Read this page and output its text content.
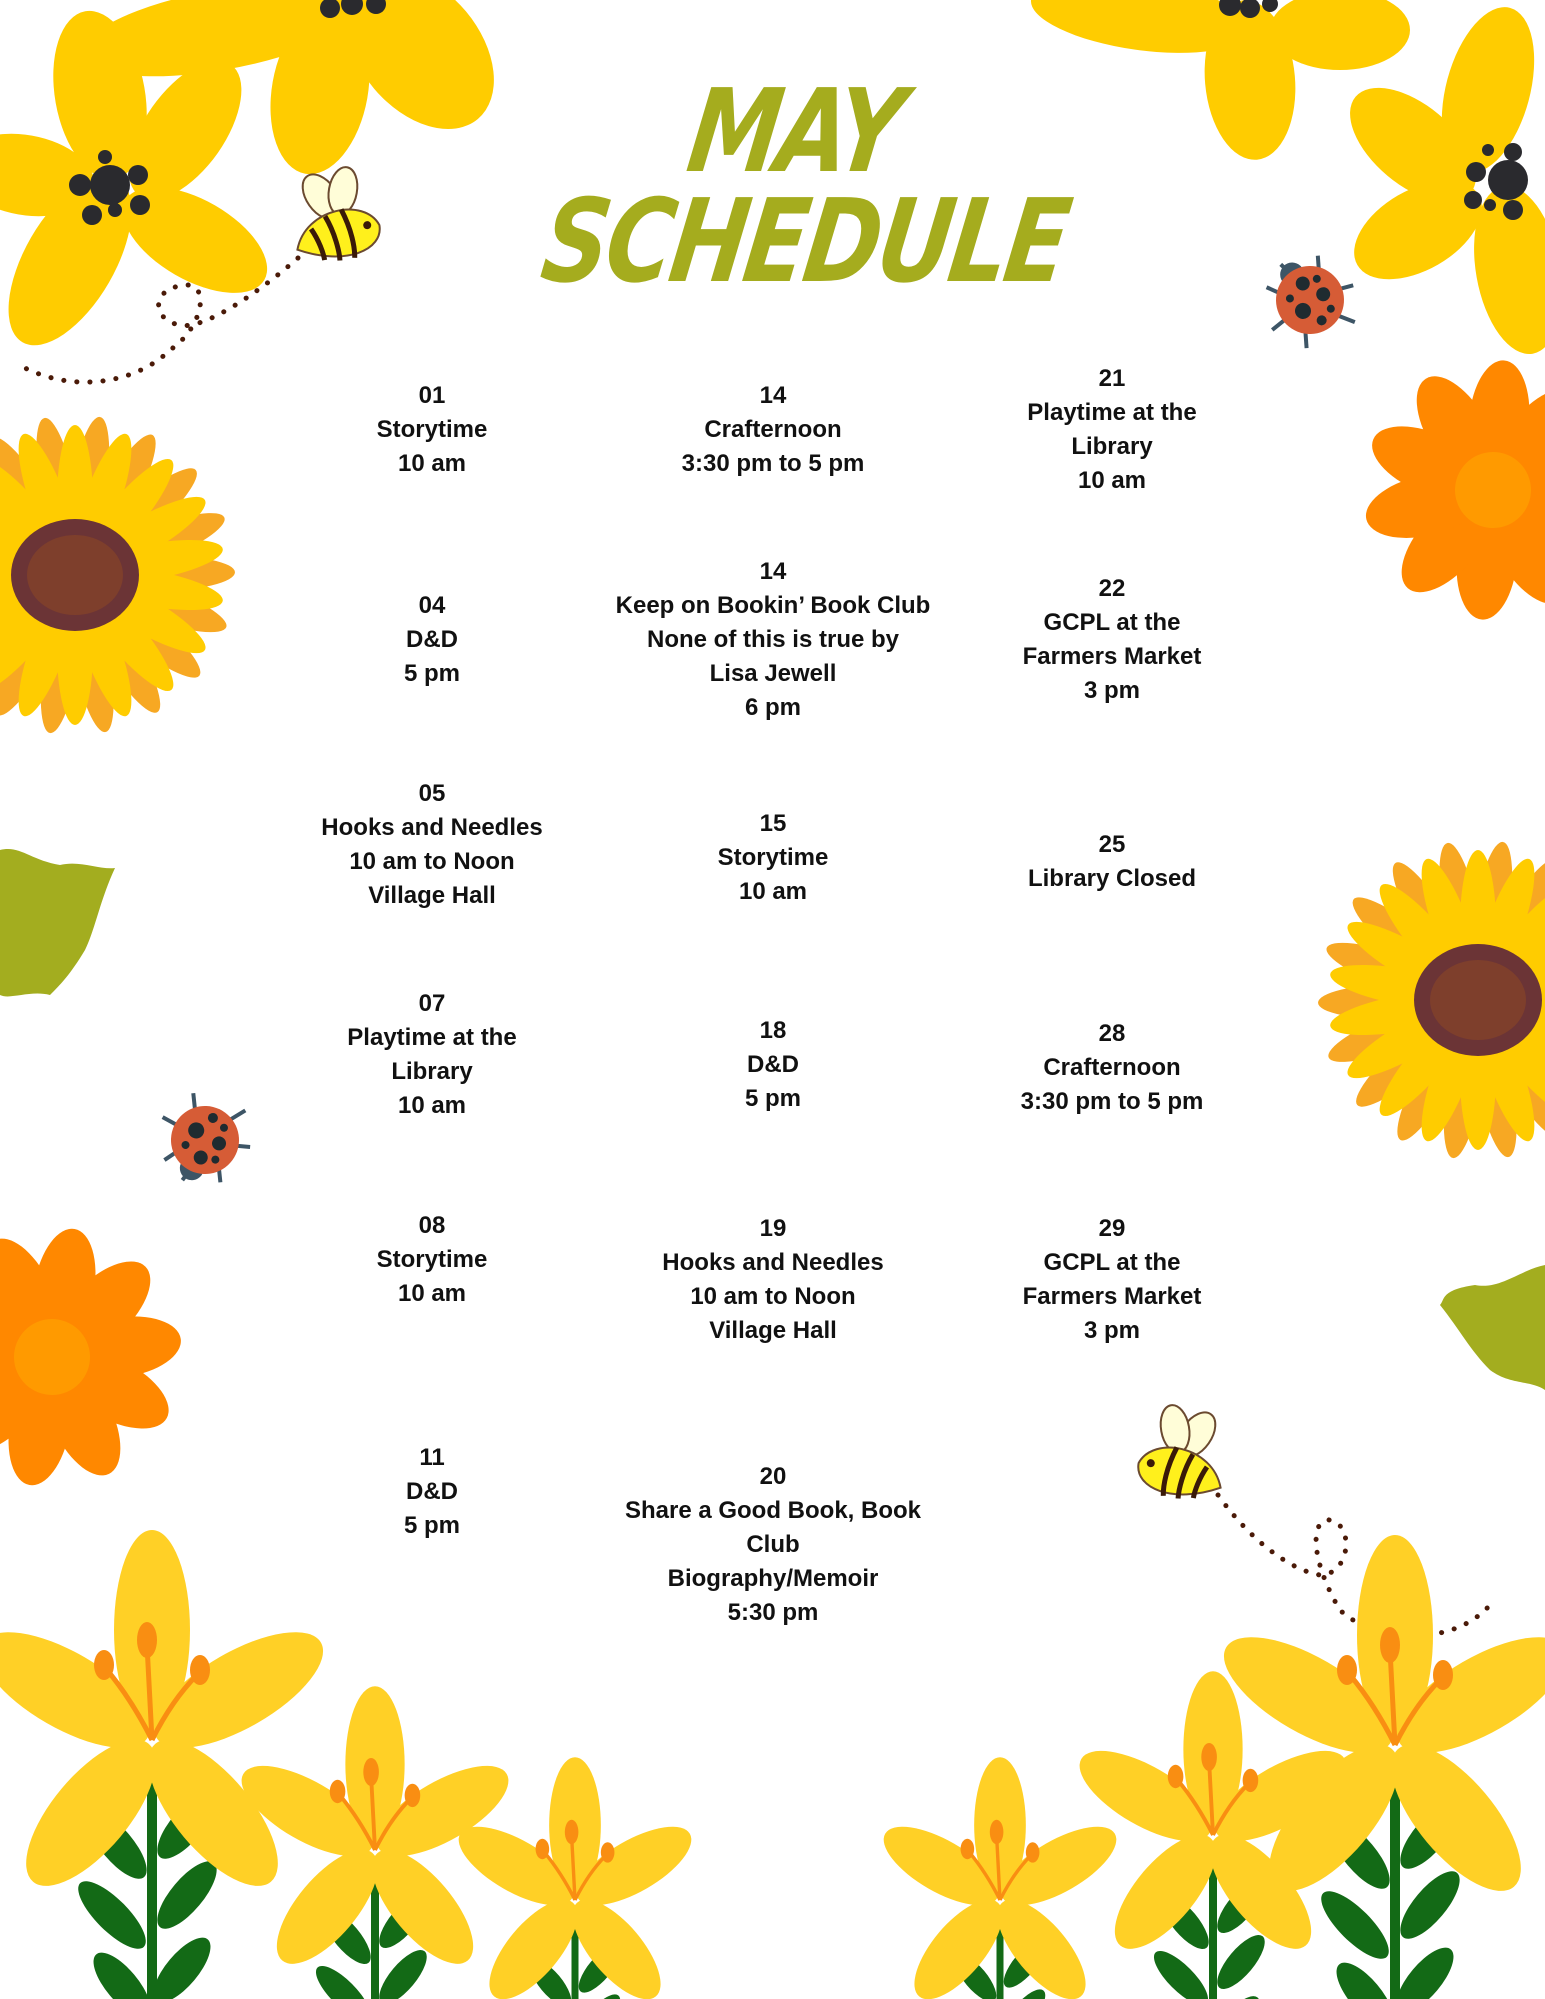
MAY
SCHEDULE
01
Storytime
10 am
04
D&D
5 pm
05
Hooks and Needles
10 am to Noon
Village Hall
07
Playtime at the
Library
10 am
08
Storytime
10 am
11
D&D
5 pm
14
Crafternoon
3:30 pm to 5 pm
14
Keep on Bookin’ Book Club
None of this is true by
Lisa Jewell
6 pm
15
Storytime
10 am
18
D&D
5 pm
19
Hooks and Needles
10 am to Noon
Village Hall
20
Share a Good Book, Book
Club
Biography/Memoir
5:30 pm
21
Playtime at the
Library
10 am
22
GCPL at the
Farmers Market
3 pm
25
Library Closed
28
Crafternoon
3:30 pm to 5 pm
29
GCPL at the
Farmers Market
3 pm
